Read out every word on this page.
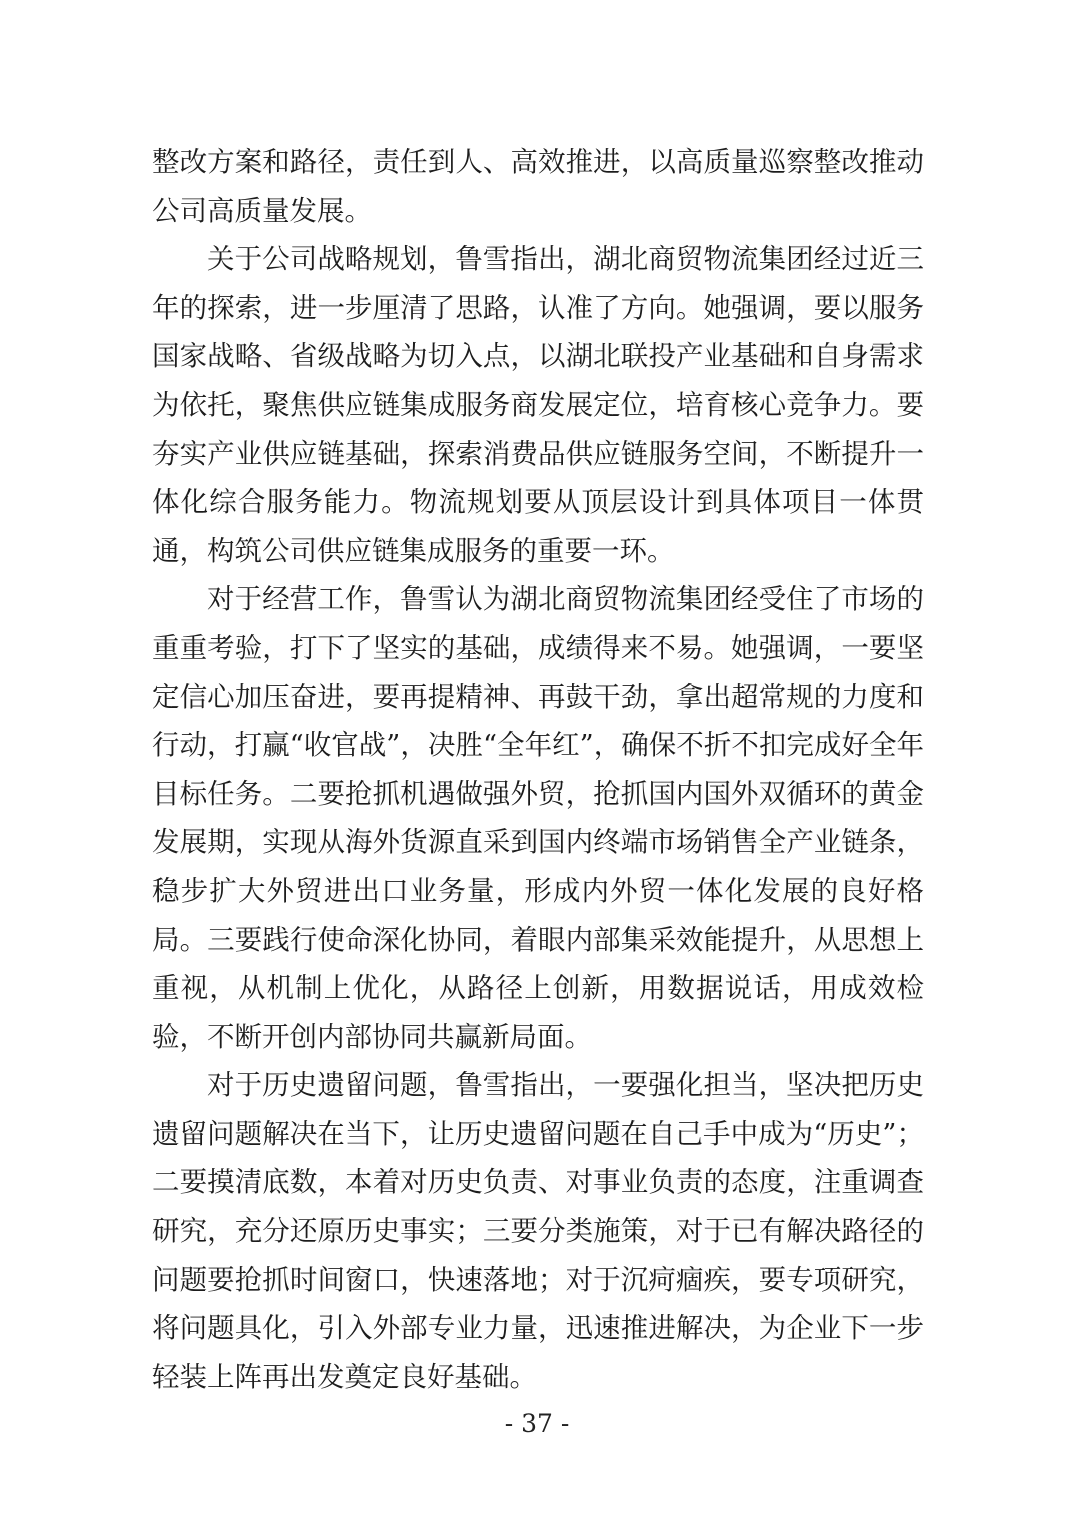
整改方案和路径，责任到人、高效推进，以高质量巡察整改推动公司高质量发展。

关于公司战略规划，鲁雪指出，湖北商贸物流集团经过近三年的探索，进一步厘清了思路，认准了方向。她强调，要以服务国家战略、省级战略为切入点，以湖北联投产业基础和自身需求为依托，聚焦供应链集成服务商发展定位，培育核心竞争力。要夯实产业供应链基础，探索消费品供应链服务空间，不断提升一体化综合服务能力。物流规划要从顶层设计到具体项目一体贯通，构筑公司供应链集成服务的重要一环。

对于经营工作，鲁雪认为湖北商贸物流集团经受住了市场的重重考验，打下了坚实的基础，成绩得来不易。她强调，一要坚定信心加压奋进，要再提精神、再鼓干劲，拿出超常规的力度和行动，打赢“收官战”，决胜“全年红”，确保不折不扣完成好全年目标任务。二要抢抓机遇做强外贸，抢抓国内国外双循环的黄金发展期，实现从海外货源直采到国内终端市场销售全产业链条，稳步扩大外贸进出口业务量，形成内外贸一体化发展的良好格局。三要践行使命深化协同，着眼内部集采效能提升，从思想上重视，从机制上优化，从路径上创新，用数据说话，用成效检验，不断开创内部协同共赢新局面。

对于历史遗留问题，鲁雪指出，一要强化担当，坚决把历史遗留问题解决在当下，让历史遗留问题在自己手中成为“历史”；二要摸清底数，本着对历史负责、对事业负责的态度，注重调查研究，充分还原历史事实；三要分类施策，对于已有解决路径的问题要抢抓时间窗口，快速落地；对于沉疴痼疾，要专项研究，将问题具化，引入外部专业力量，迅速推进解决，为企业下一步轻装上阵再出发奠定良好基础。

- 37 -
